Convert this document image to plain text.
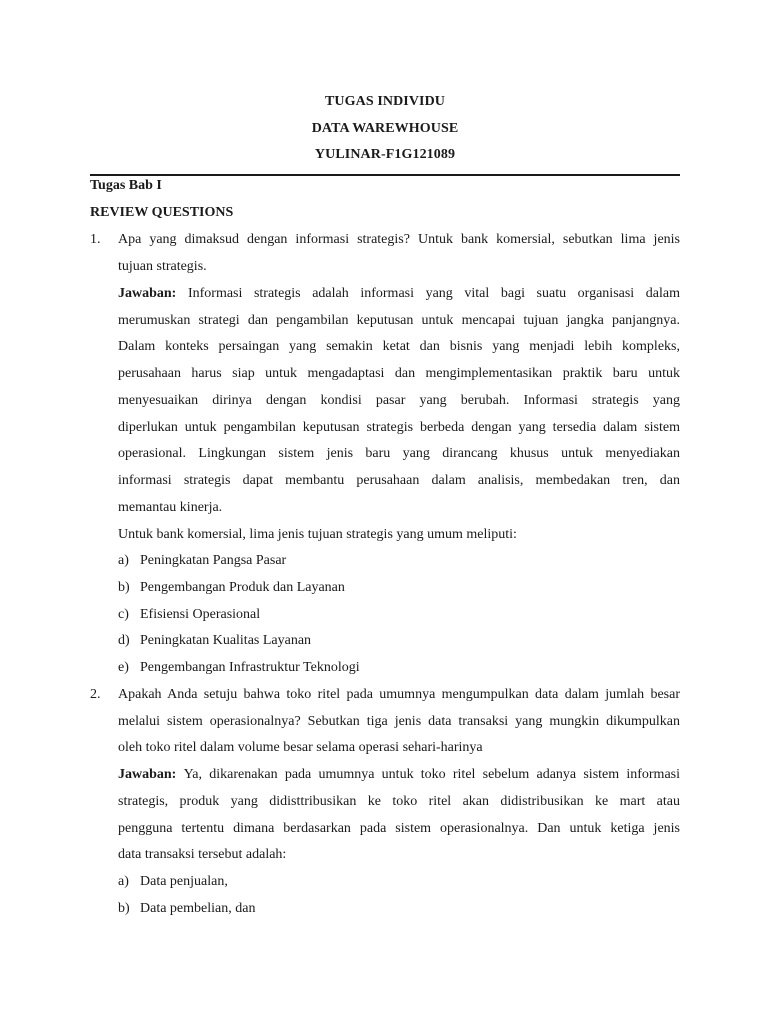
TUGAS INDIVIDU
DATA WAREWHOUSE
YULINAR-F1G121089
Tugas Bab I
REVIEW QUESTIONS
1. Apa yang dimaksud dengan informasi strategis? Untuk bank komersial, sebutkan lima jenis
tujuan strategis.
Jawaban: Informasi strategis adalah informasi yang vital bagi suatu organisasi dalam
merumuskan strategi dan pengambilan keputusan untuk mencapai tujuan jangka panjangnya.
Dalam konteks persaingan yang semakin ketat dan bisnis yang menjadi lebih kompleks,
perusahaan harus siap untuk mengadaptasi dan mengimplementasikan praktik baru untuk
menyesuaikan dirinya dengan kondisi pasar yang berubah. Informasi strategis yang
diperlukan untuk pengambilan keputusan strategis berbeda dengan yang tersedia dalam sistem
operasional. Lingkungan sistem jenis baru yang dirancang khusus untuk menyediakan
informasi strategis dapat membantu perusahaan dalam analisis, membedakan tren, dan
memantau kinerja.
Untuk bank komersial, lima jenis tujuan strategis yang umum meliputi:
a) Peningkatan Pangsa Pasar
b) Pengembangan Produk dan Layanan
c) Efisiensi Operasional
d) Peningkatan Kualitas Layanan
e) Pengembangan Infrastruktur Teknologi
2. Apakah Anda setuju bahwa toko ritel pada umumnya mengumpulkan data dalam jumlah besar
melalui sistem operasionalnya? Sebutkan tiga jenis data transaksi yang mungkin dikumpulkan
oleh toko ritel dalam volume besar selama operasi sehari-harinya
Jawaban: Ya, dikarenakan pada umumnya untuk toko ritel sebelum adanya sistem informasi
strategis, produk yang didisttribusikan ke toko ritel akan didistribusikan ke mart atau
pengguna tertentu dimana berdasarkan pada sistem operasionalnya. Dan untuk ketiga jenis
data transaksi tersebut adalah:
a) Data penjualan,
b) Data pembelian, dan
